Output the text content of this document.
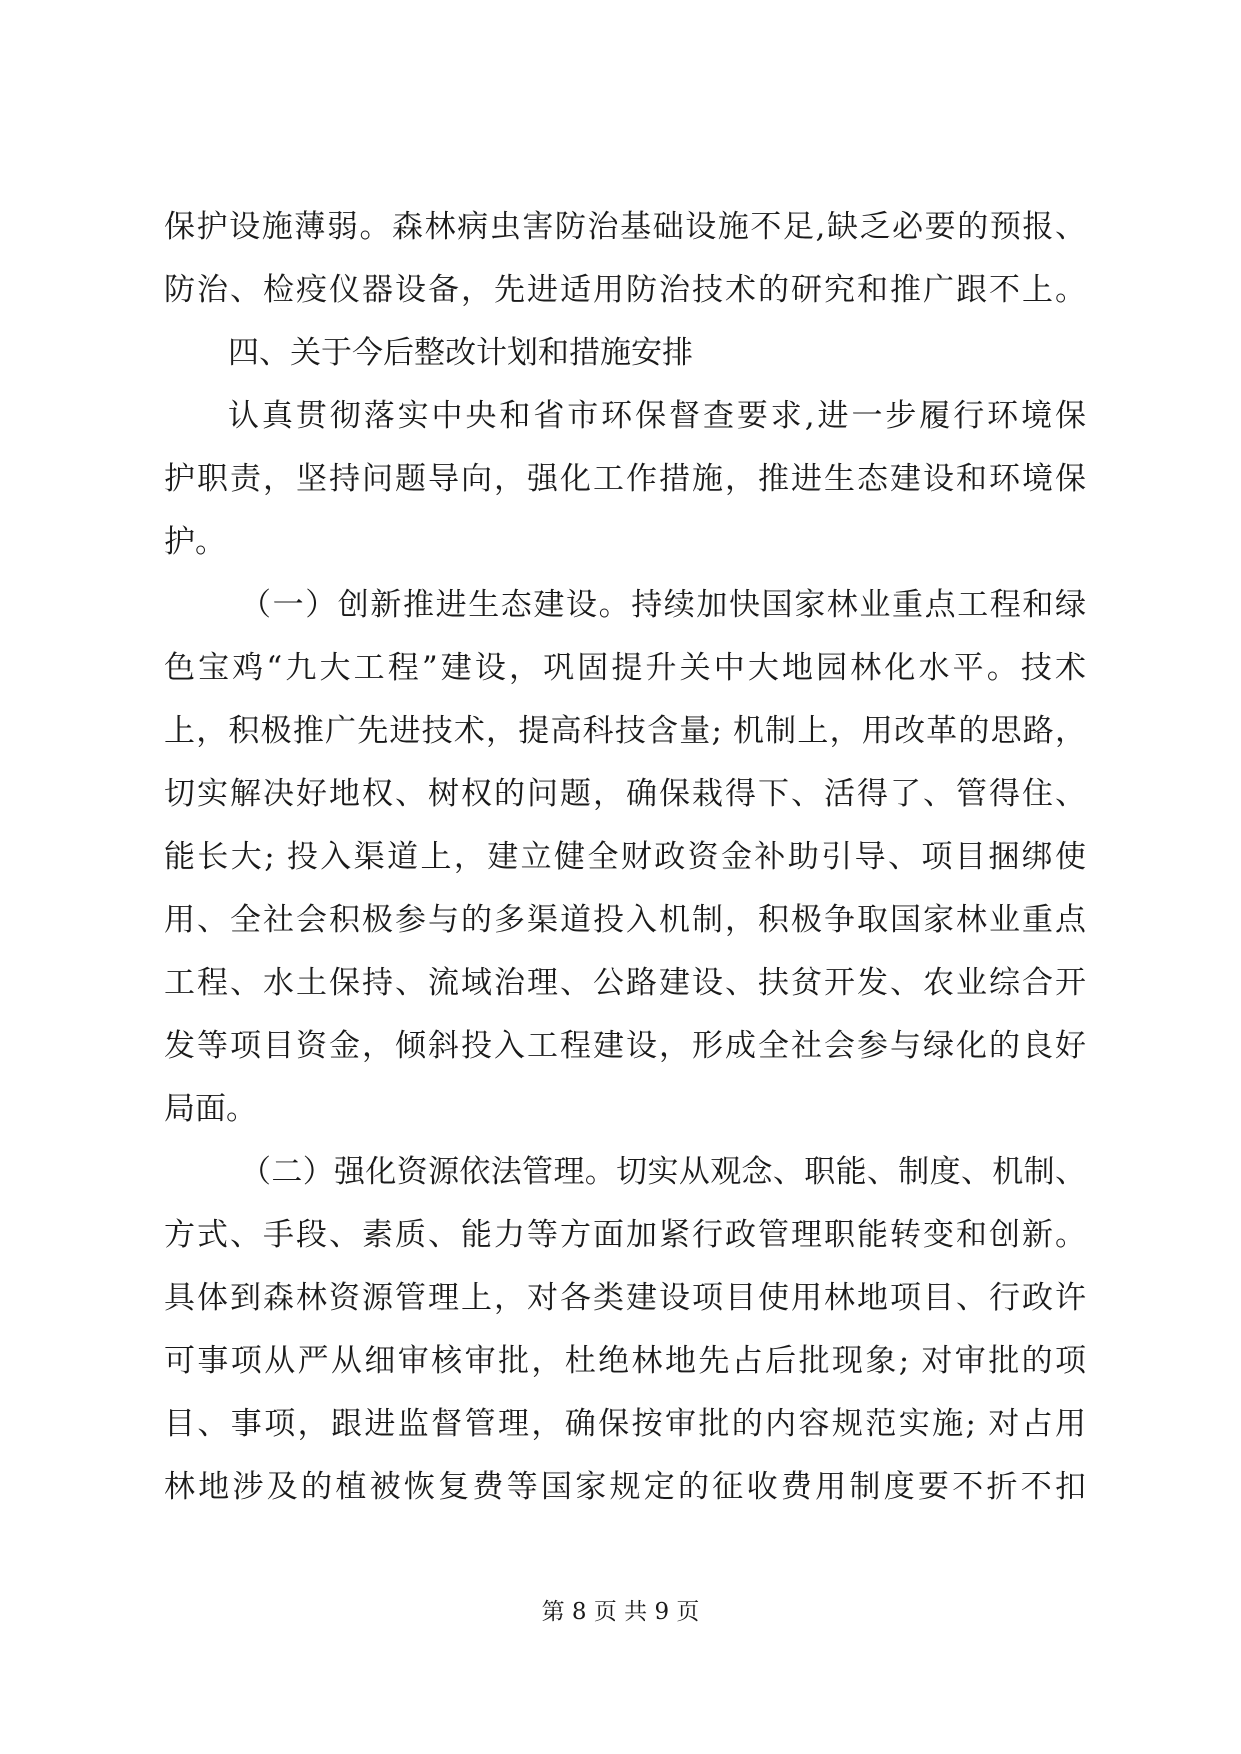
保护设施薄弱。森林病虫害防治基础设施不足,缺乏必要的预报、
防治、检疫仪器设备，先进适用防治技术的研究和推广跟不上。
四、关于今后整改计划和措施安排
认真贯彻落实中央和省市环保督查要求,进一步履行环境保
护职责，坚持问题导向，强化工作措施，推进生态建设和环境保
护。
（一）创新推进生态建设。持续加快国家林业重点工程和绿
色宝鸡“九大工程”建设，巩固提升关中大地园林化水平。技术
上，积极推广先进技术，提高科技含量; 机制上，用改革的思路，
切实解决好地权、树权的问题，确保栽得下、活得了、管得住、
能长大; 投入渠道上，建立健全财政资金补助引导、项目捆绑使
用、全社会积极参与的多渠道投入机制，积极争取国家林业重点
工程、水土保持、流域治理、公路建设、扶贫开发、农业综合开
发等项目资金，倾斜投入工程建设，形成全社会参与绿化的良好
局面。
（二）强化资源依法管理。切实从观念、职能、制度、机制、
方式、手段、素质、能力等方面加紧行政管理职能转变和创新。
具体到森林资源管理上，对各类建设项目使用林地项目、行政许
可事项从严从细审核审批，杜绝林地先占后批现象; 对审批的项
目、事项，跟进监督管理，确保按审批的内容规范实施; 对占用
林地涉及的植被恢复费等国家规定的征收费用制度要不折不扣
第 8 页 共 9 页
